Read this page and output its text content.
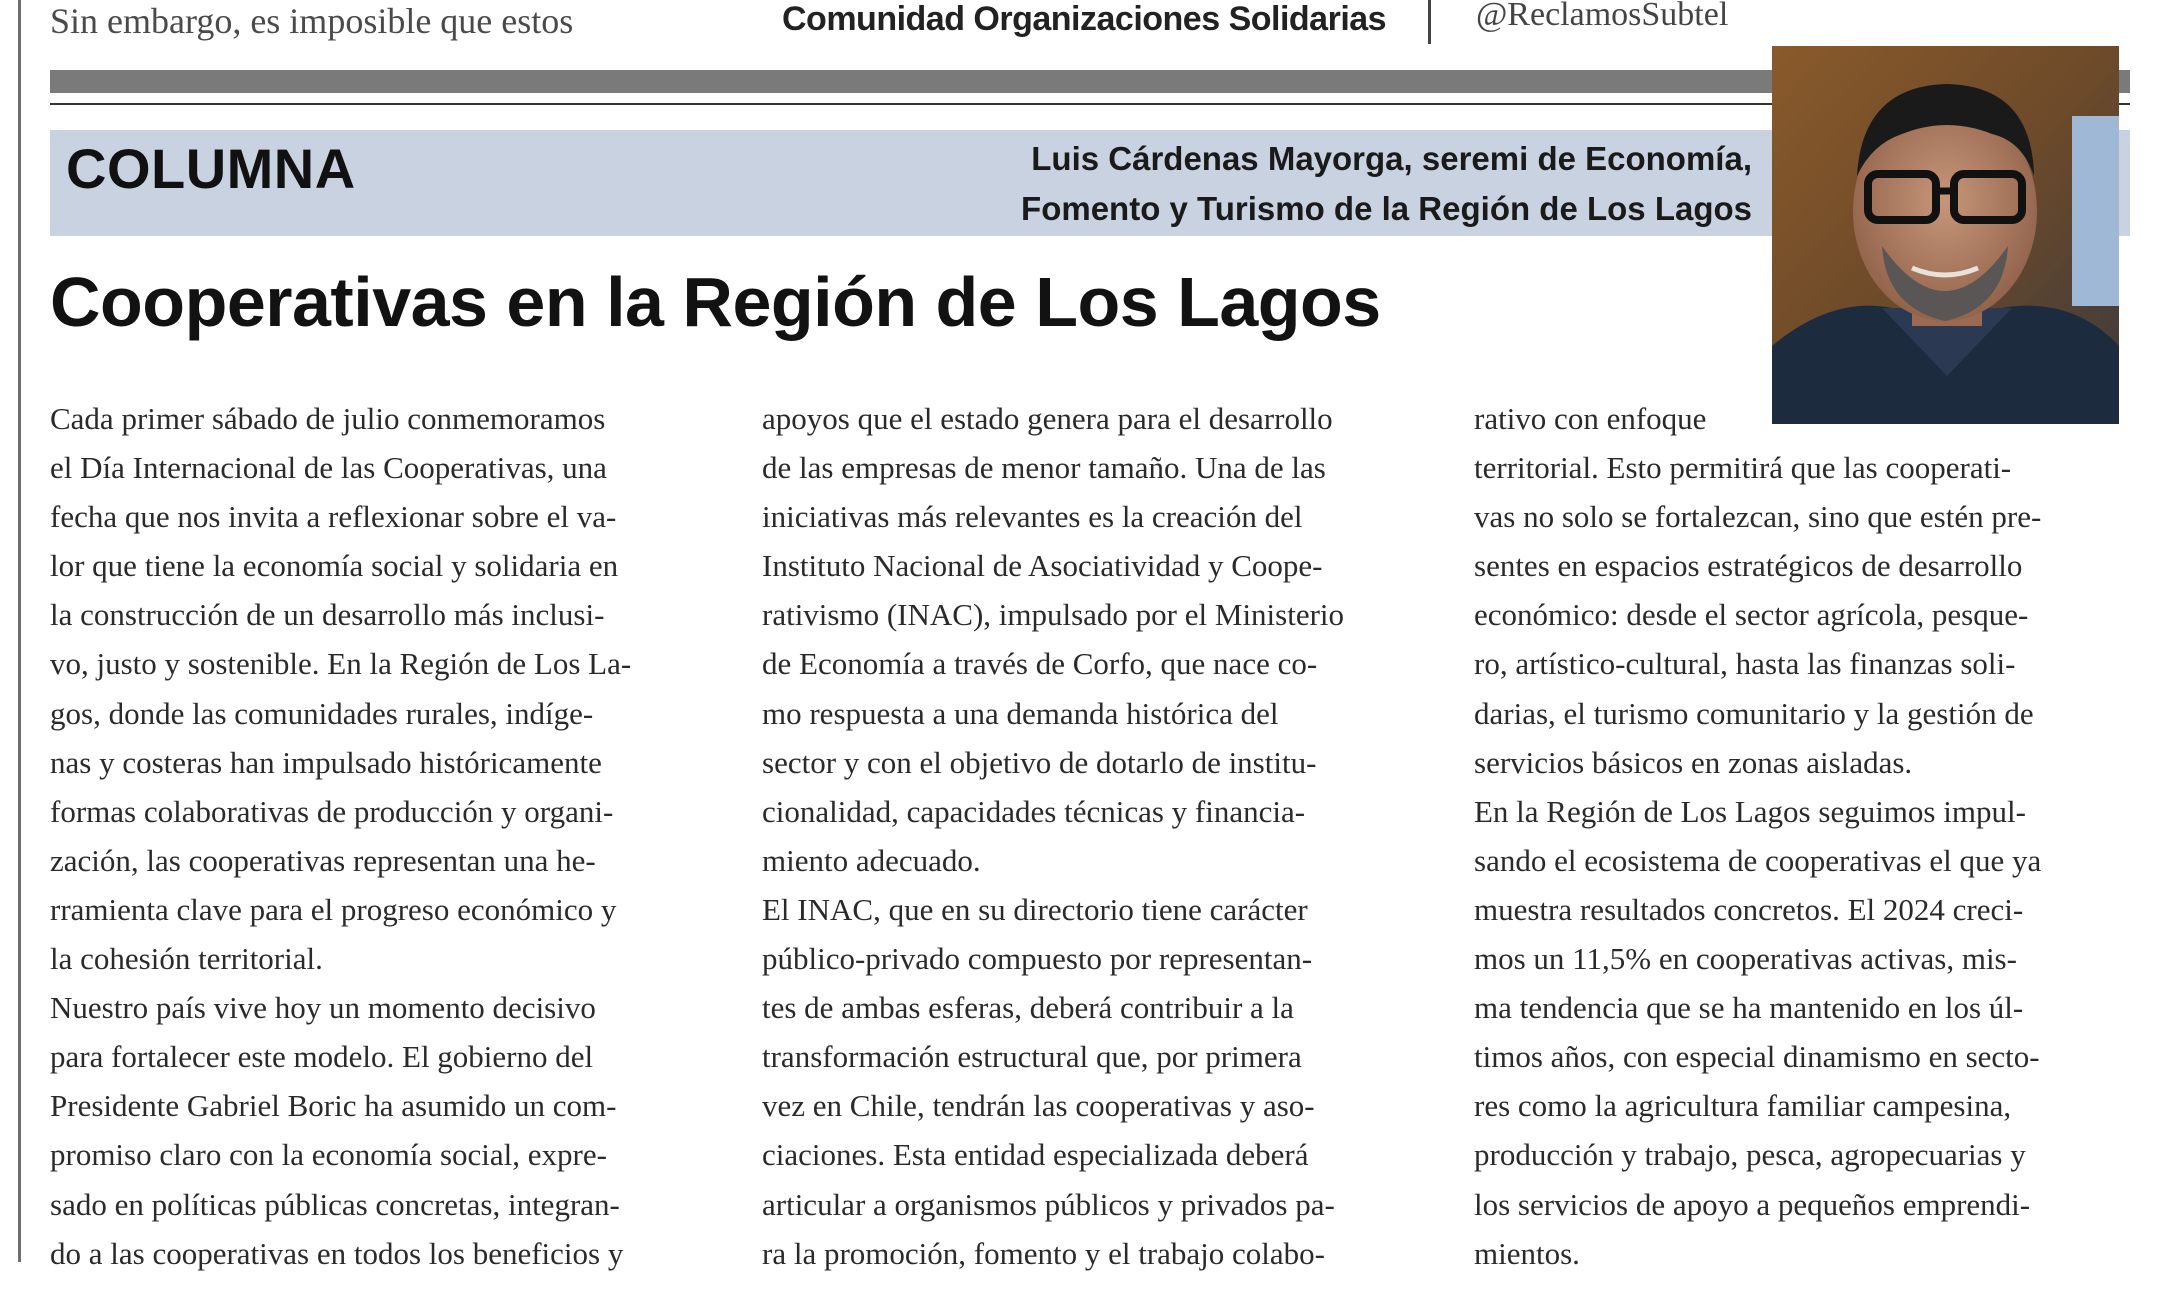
Sin embargo, es imposible que estos	Comunidad Organizaciones Solidarias	@ReclamosSubtel
COLUMNA	Luis Cárdenas Mayorga, seremi de Economía,
Fomento y Turismo de la Región de Los Lagos
Cooperativas en la Región de Los Lagos
Cada primer sábado de julio conmemoramos
el Día Internacional de las Cooperativas, una
fecha que nos invita a reflexionar sobre el va-
lor que tiene la economía social y solidaria en
la construcción de un desarrollo más inclusi-
vo, justo y sostenible. En la Región de Los La-
gos, donde las comunidades rurales, indíge-
nas y costeras han impulsado históricamente
formas colaborativas de producción y organi-
zación, las cooperativas representan una he-
rramienta clave para el progreso económico y
la cohesión territorial.
Nuestro país vive hoy un momento decisivo
para fortalecer este modelo. El gobierno del
Presidente Gabriel Boric ha asumido un com-
promiso claro con la economía social, expre-
sado en políticas públicas concretas, integran-
do a las cooperativas en todos los beneficios y
apoyos que el estado genera para el desarrollo
de las empresas de menor tamaño. Una de las
iniciativas más relevantes es la creación del
Instituto Nacional de Asociatividad y Coope-
rativismo (INAC), impulsado por el Ministerio
de Economía a través de Corfo, que nace co-
mo respuesta a una demanda histórica del
sector y con el objetivo de dotarlo de institu-
cionalidad, capacidades técnicas y financia-
miento adecuado.
El INAC, que en su directorio tiene carácter
público-privado compuesto por representan-
tes de ambas esferas, deberá contribuir a la
transformación estructural que, por primera
vez en Chile, tendrán las cooperativas y aso-
ciaciones. Esta entidad especializada deberá
articular a organismos públicos y privados pa-
ra la promoción, fomento y el trabajo colabo-
rativo con enfoque
territorial. Esto permitirá que las cooperati-
vas no solo se fortalezcan, sino que estén pre-
sentes en espacios estratégicos de desarrollo
económico: desde el sector agrícola, pesque-
ro, artístico-cultural, hasta las finanzas soli-
darias, el turismo comunitario y la gestión de
servicios básicos en zonas aisladas.
En la Región de Los Lagos seguimos impul-
sando el ecosistema de cooperativas el que ya
muestra resultados concretos. El 2024 creci-
mos un 11,5% en cooperativas activas, mis-
ma tendencia que se ha mantenido en los úl-
timos años, con especial dinamismo en secto-
res como la agricultura familiar campesina,
producción y trabajo, pesca, agropecuarias y
los servicios de apoyo a pequeños emprendi-
mientos.
